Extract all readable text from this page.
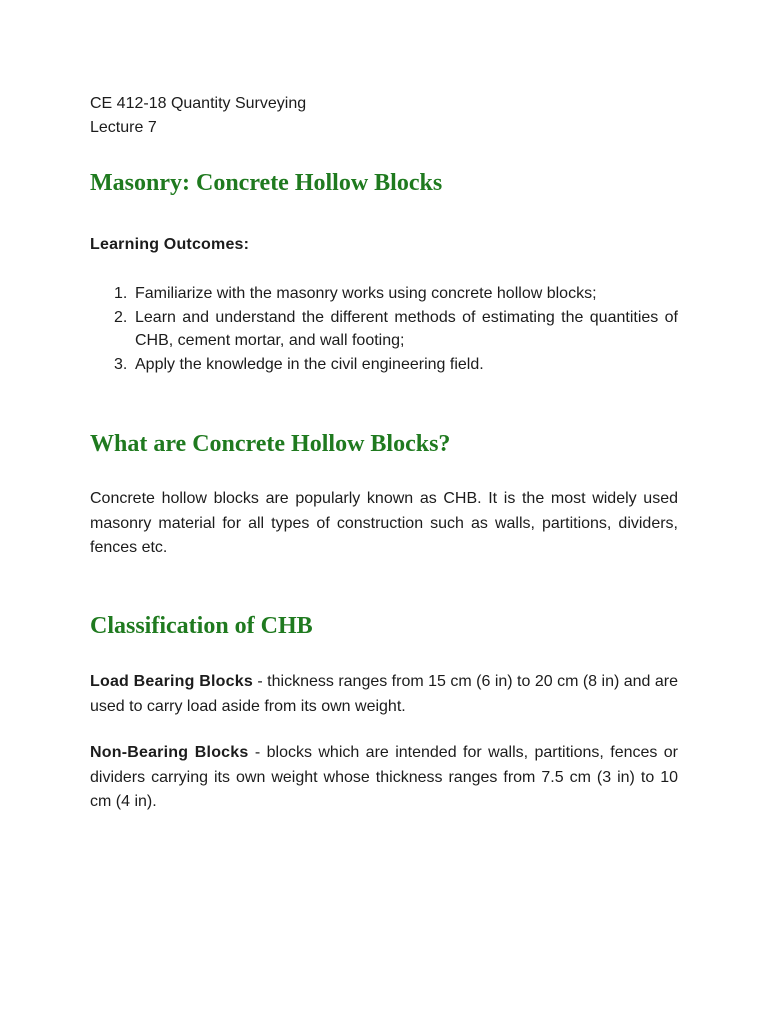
CE 412-18 Quantity Surveying
Lecture 7
Masonry: Concrete Hollow Blocks
Learning Outcomes:
1. Familiarize with the masonry works using concrete hollow blocks;
2. Learn and understand the different methods of estimating the quantities of CHB, cement mortar, and wall footing;
3. Apply the knowledge in the civil engineering field.
What are Concrete Hollow Blocks?

Concrete hollow blocks are popularly known as CHB. It is the most widely used masonry material for all types of construction such as walls, partitions, dividers, fences etc.

Classification of CHB

Load Bearing Blocks - thickness ranges from 15 cm (6 in) to 20 cm (8 in) and are used to carry load aside from its own weight.

Non-Bearing Blocks - blocks which are intended for walls, partitions, fences or dividers carrying its own weight whose thickness ranges from 7.5 cm (3 in) to 10 cm (4 in).
